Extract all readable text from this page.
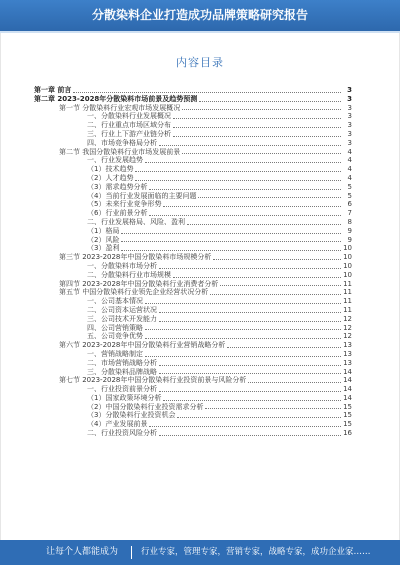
分散染料企业打造成功品牌策略研究报告
内容目录
第一章 前言	3
第二章 2023-2028年分散染料市场前景及趋势预测	3
第一节 分散染料行业宏观市场发展概况	3
一、分散染料行业发展概况	3
二、行业重点市场区域分布	3
三、行业上下游产业链分析	3
四、市场竞争格局分析	3
第二节 我国分散染料行业市场发展前景	4
一、行业发展趋势	4
（1）技术趋势	4
（2）人才趋势	4
（3）需求趋势分析	5
（4）当前行业发展面临的主要问题	5
（5）未来行业竞争形势	6
（6）行业前景分析	7
二、行业发展格局、风险、盈利	8
（1）格局	9
（2）风险	9
（3）盈利	10
第三节 2023-2028年中国分散染料市场规模分析	10
一、分散染料市场分析	10
二、分散染料行业市场规模	10
第四节 2023-2028年中国分散染料行业消费者分析	11
第五节 中国分散染料行业领先企业经营状况分析	11
一、公司基本情况	11
二、公司资本运营状况	11
三、公司技术开发能力	12
四、公司营销策略	12
五、公司竞争优势	12
第六节 2023-2028年中国分散染料行业营销战略分析	13
一、营销战略制定	13
二、市场营销战略分析	13
三、分散染料品牌战略	14
第七节 2023-2028年中国分散染料行业投资前景与风险分析	14
一、行业投资前景分析	14
（1）国家政策环境分析	14
（2）中国分散染料行业投资需求分析	15
（3）分散染料行业投资机会	15
（4）产业发展前景	15
二、行业投资风险分析	16
让每个人都能成为	行业专家，管理专家，营销专家，战略专家，成功企业家……
